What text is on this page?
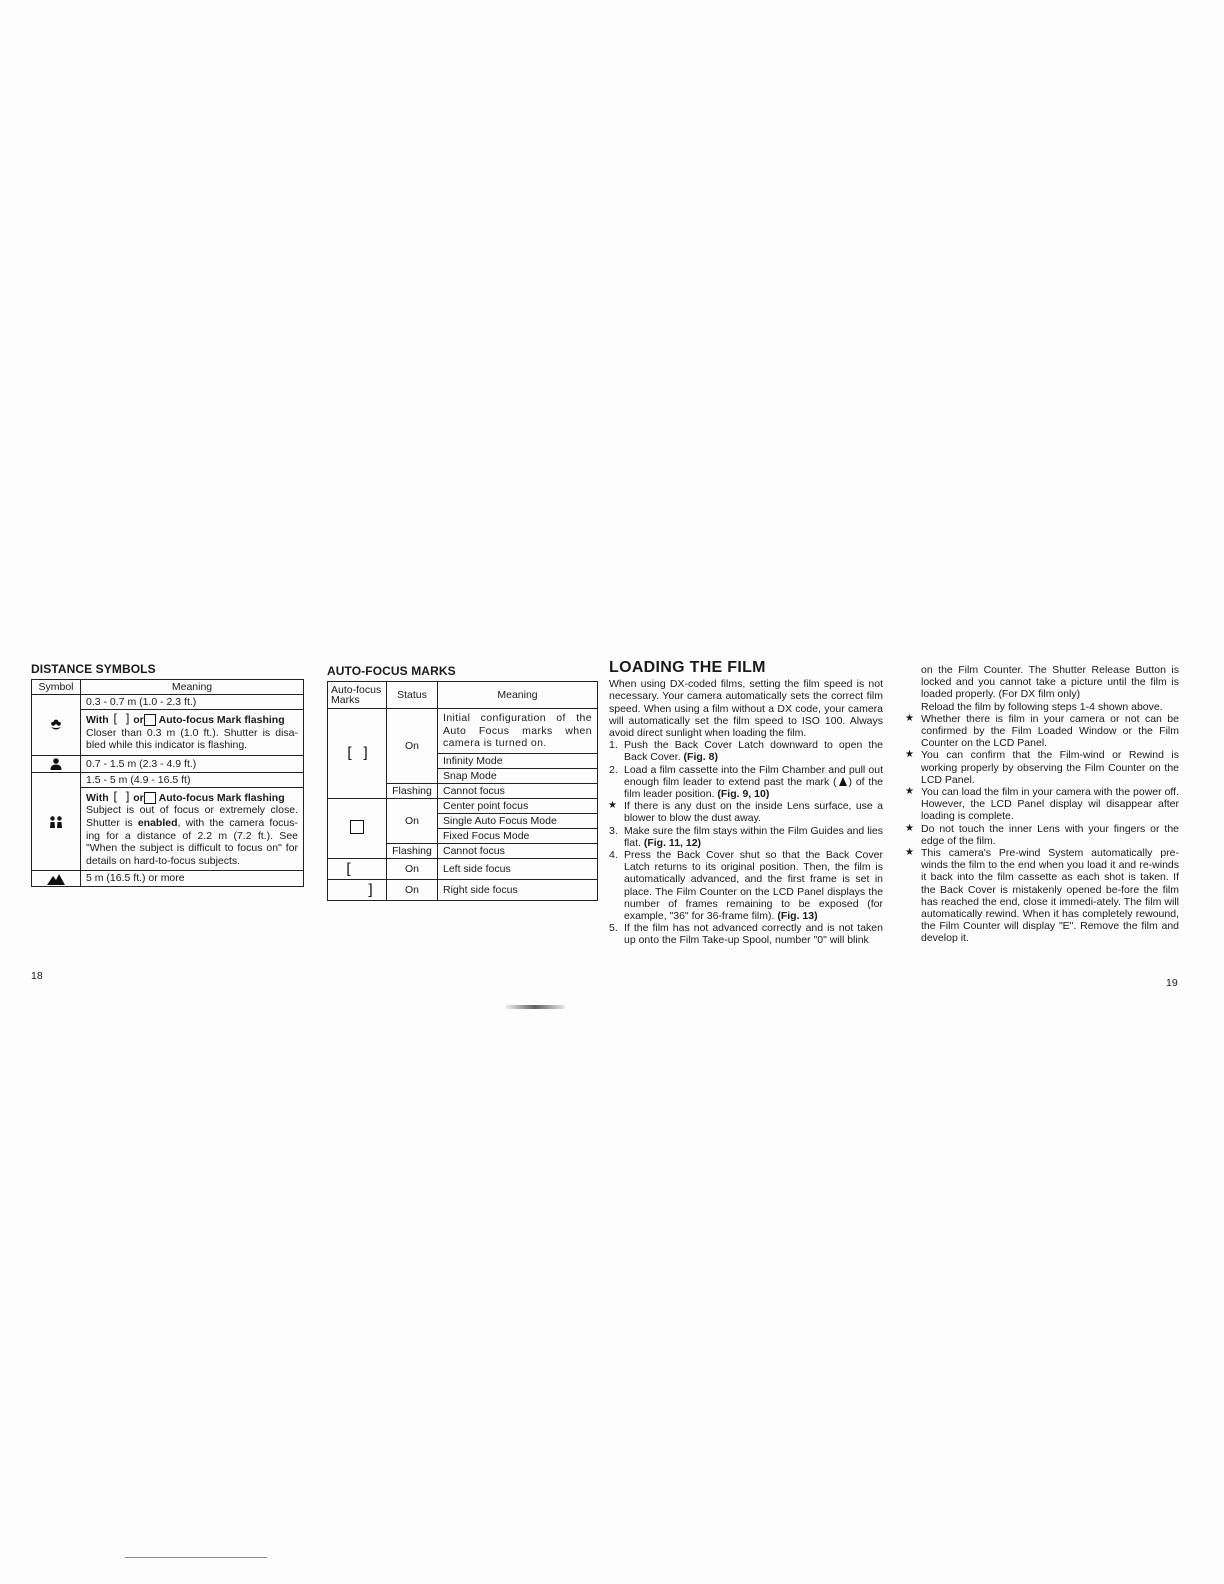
DISTANCE SYMBOLS
Symbol	Meaning
	0.3 - 0.7 m (1.0 - 2.3 ft.)
	With [ ] or Auto-focus Mark flashing
Closer than 0.3 m (1.0 ft.). Shutter is disa-bled while this indicator is flashing.
	0.7 - 1.5 m (2.3 - 4.9 ft.)
	1.5 - 5 m (4.9 - 16.5 ft)
	With [ ] or Auto-focus Mark flashing
Subject is out of focus or extremely close. Shutter is enabled, with the camera focus-ing for a distance of 2.2 m (7.2 ft.). See "When the subject is difficult to focus on" for details on hard-to-focus subjects.
	5 m (16.5 ft.) or more
AUTO-FOCUS MARKS
Auto-focus Marks	Status	Meaning
[ ]	On	Initial configuration of the Auto Focus marks when camera is turned on.
		Infinity Mode
		Snap Mode
	Flashing	Cannot focus
	On	Center point focus
		Single Auto Focus Mode
		Fixed Focus Mode
	Flashing	Cannot focus
[	On	Left side focus
]	On	Right side focus
LOADING THE FILM

When using DX-coded films, setting the film speed is not necessary. Your camera automatically sets the correct film speed. When using a film without a DX code, your camera will automatically set the film speed to ISO 100. Always avoid direct sunlight when loading the film.

1. Push the Back Cover Latch downward to open the Back Cover. (Fig. 8)
2. Load a film cassette into the Film Chamber and pull out enough film leader to extend past the mark ( ) of the film leader position. (Fig. 9, 10)
★ If there is any dust on the inside Lens surface, use a blower to blow the dust away.
3. Make sure the film stays within the Film Guides and lies flat. (Fig. 11, 12)
4. Press the Back Cover shut so that the Back Cover Latch returns to its original position. Then, the film is automatically advanced, and the first frame is set in place. The Film Counter on the LCD Panel displays the number of frames remaining to be exposed (for example, "36" for 36-frame film). (Fig. 13)
5. If the film has not advanced correctly and is not taken up onto the Film Take-up Spool, number "0" will blink

on the Film Counter. The Shutter Release Button is locked and you cannot take a picture until the film is loaded properly. (For DX film only)

Reload the film by following steps 1-4 shown above.

★ Whether there is film in your camera or not can be confirmed by the Film Loaded Window or the Film Counter on the LCD Panel.
★ You can confirm that the Film-wind or Rewind is working properly by observing the Film Counter on the LCD Panel.
★ You can load the film in your camera with the power off. However, the LCD Panel display wil disappear after loading is complete.
★ Do not touch the inner Lens with your fingers or the edge of the film.
★ This camera's Pre-wind System automatically pre-winds the film to the end when you load it and re-winds it back into the film cassette as each shot is taken. If the Back Cover is mistakenly opened be-fore the film has reached the end, close it immedi-ately. The film will automatically rewind. When it has completely rewound, the Film Counter will display "E". Remove the film and develop it.
18
19
